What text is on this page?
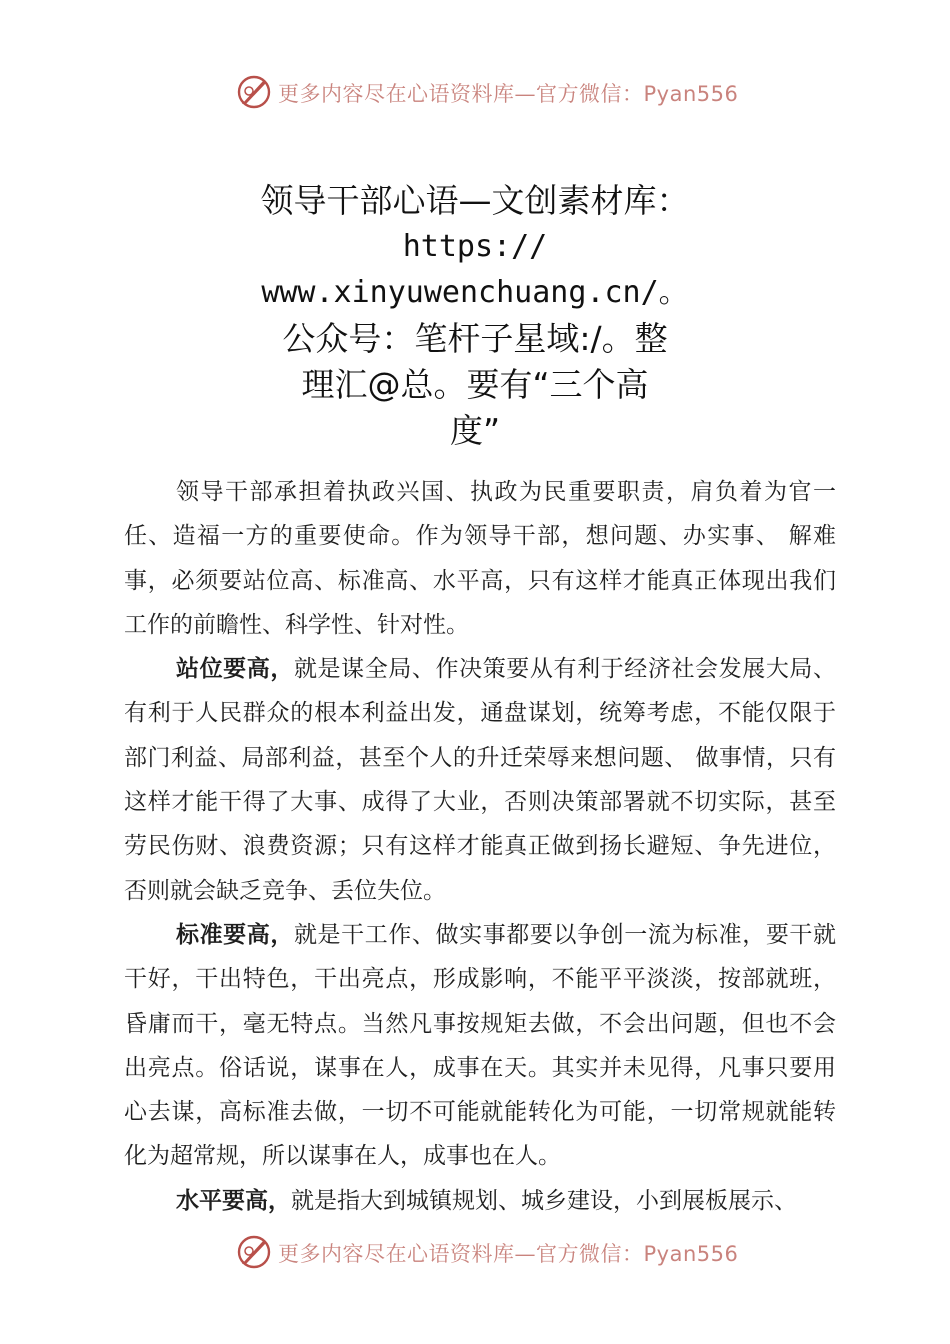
更多内容尽在心语资料库—官方微信：Pyan556
领导干部心语—文创素材库：
https://
www.xinyuwenchuang.cn/。
公众号：笔杆子星域:/。整
理汇@总。要有“三个高
度”

领导干部承担着执政兴国、执政为民重要职责，肩负着为官一任、造福一方的重要使命。作为领导干部，想问题、办实事、 解难事，必须要站位高、标准高、水平高，只有这样才能真正体现出我们工作的前瞻性、科学性、针对性。

站位要高，就是谋全局、作决策要从有利于经济社会发展大局、有利于人民群众的根本利益出发，通盘谋划，统筹考虑，不能仅限于部门利益、局部利益，甚至个人的升迁荣辱来想问题、 做事情，只有这样才能干得了大事、成得了大业，否则决策部署就不切实际，甚至劳民伤财、浪费资源；只有这样才能真正做到扬长避短、争先进位，否则就会缺乏竞争、丢位失位。

标准要高，就是干工作、做实事都要以争创一流为标准，要干就干好，干出特色，干出亮点，形成影响，不能平平淡淡，按部就班，昏庸而干，毫无特点。当然凡事按规矩去做，不会出问题，但也不会出亮点。俗话说，谋事在人，成事在天。其实并未见得，凡事只要用心去谋，高标准去做，一切不可能就能转化为可能，一切常规就能转化为超常规，所以谋事在人，成事也在人。

水平要高，就是指大到城镇规划、城乡建设，小到展板展示、

更多内容尽在心语资料库—官方微信：Pyan556
